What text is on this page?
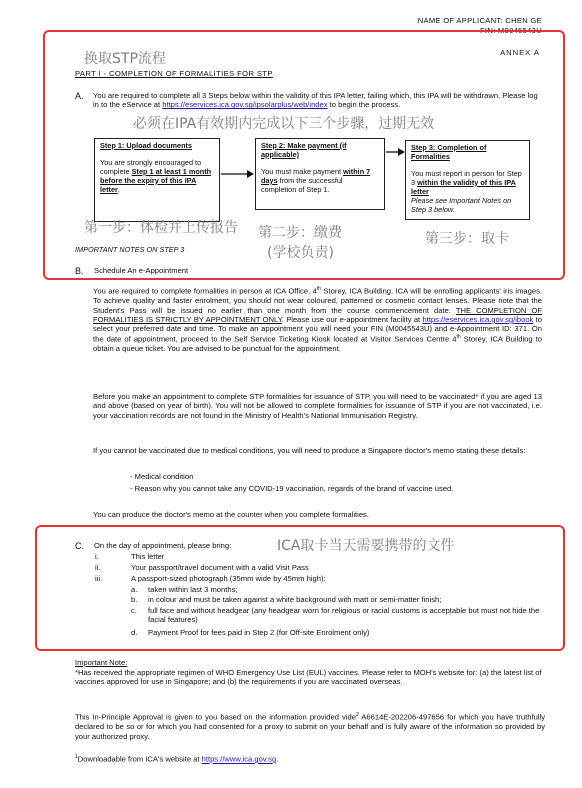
NAME OF APPLICANT: CHEN GE
FIN: M0045543U
ANNEX A
换取STP流程
PART I - COMPLETION OF FORMALITIES FOR STP
A. You are required to complete all 3 Steps below within the validity of this IPA letter, failing which, this IPA will be withdrawn. Please log in to the eService at https://eservices.ica.gov.sg/ipsolarplus/web/index to begin the process.
必须在IPA有效期内完成以下三个步骤，过期无效
Step 1: Upload documents
You are strongly encouraged to complete Step 1 at least 1 month before the expiry of this IPA letter.
Step 2: Make payment (if applicable)
You must make payment within 7 days from the successful completion of Step 1.
Step 3: Completion of Formalities
You must report in person for Step 3 within the validity of this IPA letter
Please see Important Notes on Step 3 below.
第一步：体检并上传报告 第二步：缴费
(学校负责)
第三步：取卡
IMPORTANT NOTES ON STEP 3
B. Schedule An e-Appointment
You are required to complete formalities in person at ICA Office, 4th Storey, ICA Building. ICA will be enrolling applicants' iris images. To achieve quality and faster enrolment, you should not wear coloured, patterned or cosmetic contact lenses. Please note that the Student's Pass will be issued no earlier than one month from the course commencement date. THE COMPLETION OF FORMALITIES IS STRICTLY BY APPOINTMENT ONLY. Please use our e-appointment facility at https://eservices.ica.gov.sg/ibook to select your preferred date and time. To make an appointment you will need your FIN (M0045543U) and e-Appointment ID: 371. On the date of appointment, proceed to the Self Service Ticketing Kiosk located at Visitor Services Centre 4th Storey, ICA Building to obtain a queue ticket. You are advised to be punctual for the appointment.
Before you make an appointment to complete STP formalities for issuance of STP, you will need to be vaccinated* if you are aged 13 and above (based on year of birth). You will not be allowed to complete formalities for issuance of STP if you are not vaccinated, i.e. your vaccination records are not found in the Ministry of Health's National Immunisation Registry.
If you cannot be vaccinated due to medical conditions, you will need to produce a Singapore doctor's memo stating these details:
- Medical condition
- Reason why you cannot take any COVID-19 vaccination, regards of the brand of vaccine used.
You can produce the doctor's memo at the counter when you complete formalities.
C. On the day of appointment, please bring:	ICA取卡当天需要携带的文件
i.	This letter
ii.	Your passport/travel document with a valid Visit Pass
iii.	A passport-sized photograph (35mm wide by 45mm high):
a. taken within last 3 months;
b. in colour and must be taken against a white background with matt or semi-matter finish;
c. full face and without headgear (any headgear worn for religious or racial customs is acceptable but must not hide the facial features)
d. Payment Proof for fees paid in Step 2 (for Off-site Enrolment only)
Important Note:
*Has received the appropriate regimen of WHO Emergency Use List (EUL) vaccines. Please refer to MOH's website for: (a) the latest list of vaccines approved for use in Singapore; and (b) the requirements if you are vaccinated overseas.
This In-Principle Approval is given to you based on the information provided vide$^2$ A6614E-202206-497656 for which you have truthfully declared to be so or for which you had consented for a proxy to submit on your behalf and is fully aware of the information so provided by your authorized proxy.
$^1$Downloadable from ICA's website at https://www.ica.gov.sg.
